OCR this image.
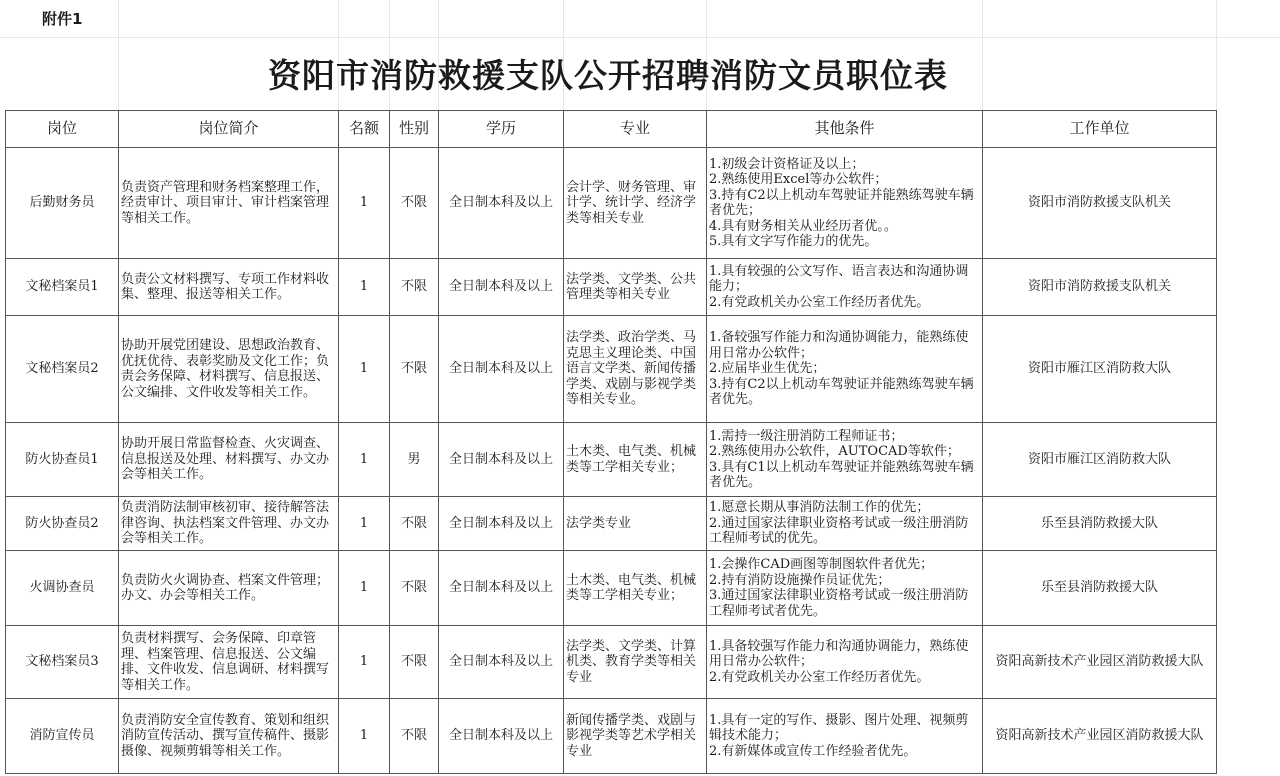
附件1
资阳市消防救援支队公开招聘消防文员职位表
岗位	岗位简介	名额	性别	学历	专业	其他条件	工作单位
后勤财务员	负责资产管理和财务档案整理工作，经责审计、项目审计、审计档案管理等相关工作。	1	不限	全日制本科及以上	会计学、财务管理、审计学、统计学、经济学类等相关专业	1.初级会计资格证及以上；
2.熟练使用Excel等办公软件；
3.持有C2以上机动车驾驶证并能熟练驾驶车辆者优先；
4.具有财务相关从业经历者优。。
5.具有文字写作能力的优先。	资阳市消防救援支队机关
文秘档案员1	负责公文材料撰写、专项工作材料收集、整理、报送等相关工作。	1	不限	全日制本科及以上	法学类、文学类、公共管理类等相关专业	1.具有较强的公文写作、语言表达和沟通协调能力；
2.有党政机关办公室工作经历者优先。	资阳市消防救援支队机关
文秘档案员2	协助开展党团建设、思想政治教育、优抚优待、表彰奖励及文化工作；负责会务保障、材料撰写、信息报送、公文编排、文件收发等相关工作。	1	不限	全日制本科及以上	法学类、政治学类、马克思主义理论类、中国语言文学类、新闻传播学类、戏剧与影视学类等相关专业。	1.备较强写作能力和沟通协调能力，能熟练使用日常办公软件；
2.应届毕业生优先；
3.持有C2以上机动车驾驶证并能熟练驾驶车辆者优先。	资阳市雁江区消防救大队
防火协查员1	协助开展日常监督检查、火灾调查、信息报送及处理、材料撰写、办文办会等相关工作。	1	男	全日制本科及以上	土木类、电气类、机械类等工学相关专业；	1.需持一级注册消防工程师证书；
2.熟练使用办公软件，AUTOCAD等软件；
3.具有C1以上机动车驾驶证并能熟练驾驶车辆者优先。	资阳市雁江区消防救大队
防火协查员2	负责消防法制审核初审、接待解答法律咨询、执法档案文件管理、办文办会等相关工作。	1	不限	全日制本科及以上	法学类专业	1.愿意长期从事消防法制工作的优先；
2.通过国家法律职业资格考试或一级注册消防工程师考试的优先。	乐至县消防救援大队
火调协查员	负责防火火调协查、档案文件管理；办文、办会等相关工作。	1	不限	全日制本科及以上	土木类、电气类、机械类等工学相关专业；	1.会操作CAD画图等制图软件者优先；
2.持有消防设施操作员证优先；
3.通过国家法律职业资格考试或一级注册消防工程师考试者优先。	乐至县消防救援大队
文秘档案员3	负责材料撰写、会务保障、印章管理、档案管理、信息报送、公文编排、文件收发、信息调研、材料撰写等相关工作。	1	不限	全日制本科及以上	法学类、文学类、计算机类、教育学类等相关专业	1.具备较强写作能力和沟通协调能力，熟练使用日常办公软件；
2.有党政机关办公室工作经历者优先。	资阳高新技术产业园区消防救援大队
消防宣传员	负责消防安全宣传教育、策划和组织消防宣传活动、撰写宣传稿件、摄影摄像、视频剪辑等相关工作。	1	不限	全日制本科及以上	新闻传播学类、戏剧与影视学类等艺术学相关专业	1.具有一定的写作、摄影、图片处理、视频剪辑技术能力；
2.有新媒体或宣传工作经验者优先。	资阳高新技术产业园区消防救援大队
